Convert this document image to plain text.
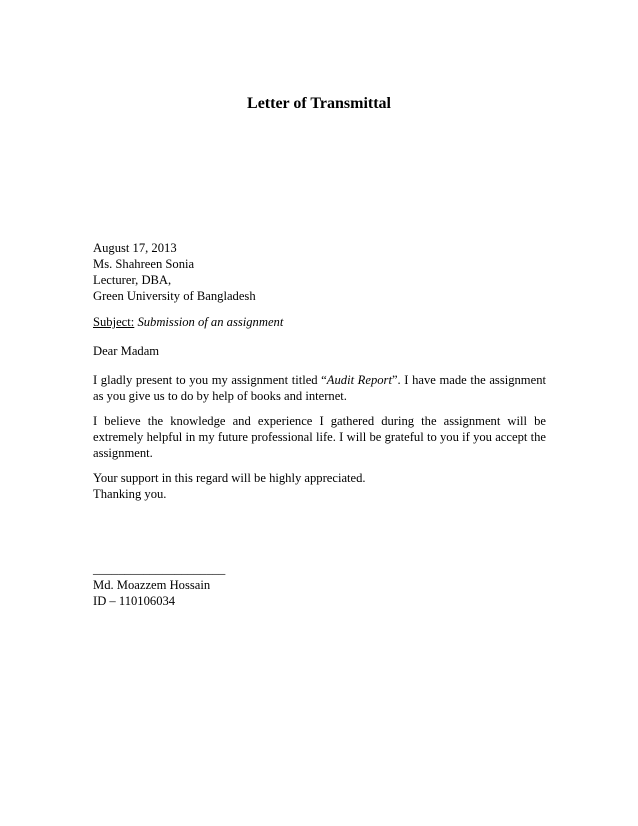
Letter of Transmittal
August 17, 2013
Ms. Shahreen Sonia
Lecturer, DBA,
Green University of Bangladesh
Subject: Submission of an assignment
Dear Madam

I gladly present to you my assignment titled “Audit Report”. I have made the assignment as you give us to do by help of books and internet.

I believe the knowledge and experience I gathered during the assignment will be extremely helpful in my future professional life. I will be grateful to you if you accept the assignment.

Your support in this regard will be highly appreciated.
Thanking you.
_____________________
Md. Moazzem Hossain
ID – 110106034
